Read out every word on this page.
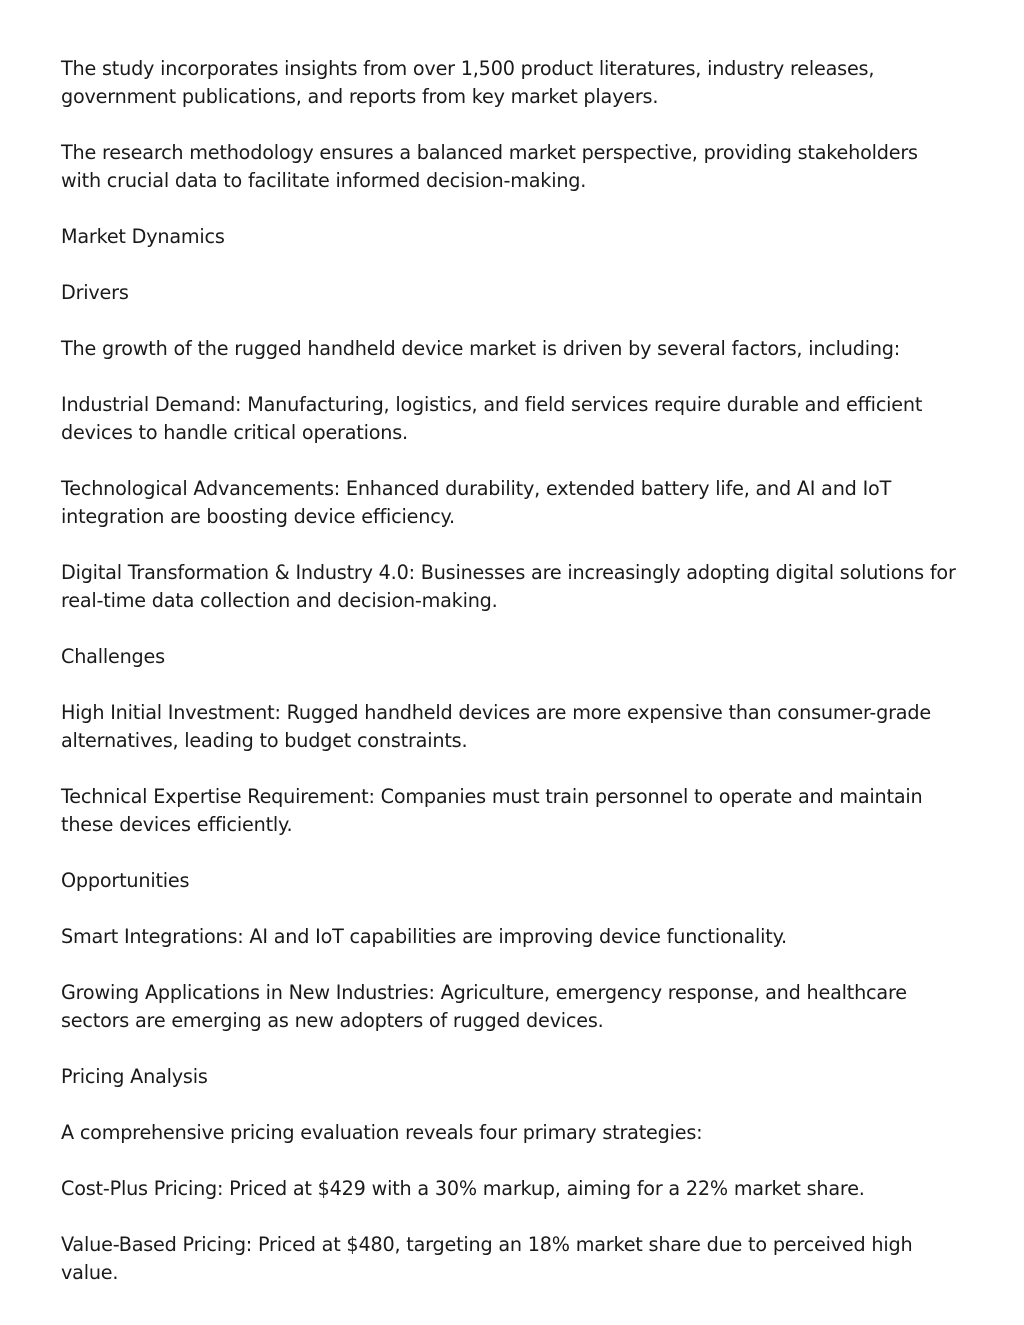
The study incorporates insights from over 1,500 product literatures, industry releases, government publications, and reports from key market players.

The research methodology ensures a balanced market perspective, providing stakeholders with crucial data to facilitate informed decision-making.

Market Dynamics

Drivers

The growth of the rugged handheld device market is driven by several factors, including:

Industrial Demand: Manufacturing, logistics, and field services require durable and efficient devices to handle critical operations.

Technological Advancements: Enhanced durability, extended battery life, and AI and IoT integration are boosting device efficiency.

Digital Transformation & Industry 4.0: Businesses are increasingly adopting digital solutions for real-time data collection and decision-making.

Challenges

High Initial Investment: Rugged handheld devices are more expensive than consumer-grade alternatives, leading to budget constraints.

Technical Expertise Requirement: Companies must train personnel to operate and maintain these devices efficiently.

Opportunities

Smart Integrations: AI and IoT capabilities are improving device functionality.

Growing Applications in New Industries: Agriculture, emergency response, and healthcare sectors are emerging as new adopters of rugged devices.

Pricing Analysis

A comprehensive pricing evaluation reveals four primary strategies:

Cost-Plus Pricing: Priced at $429 with a 30% markup, aiming for a 22% market share.

Value-Based Pricing: Priced at $480, targeting an 18% market share due to perceived high value.
